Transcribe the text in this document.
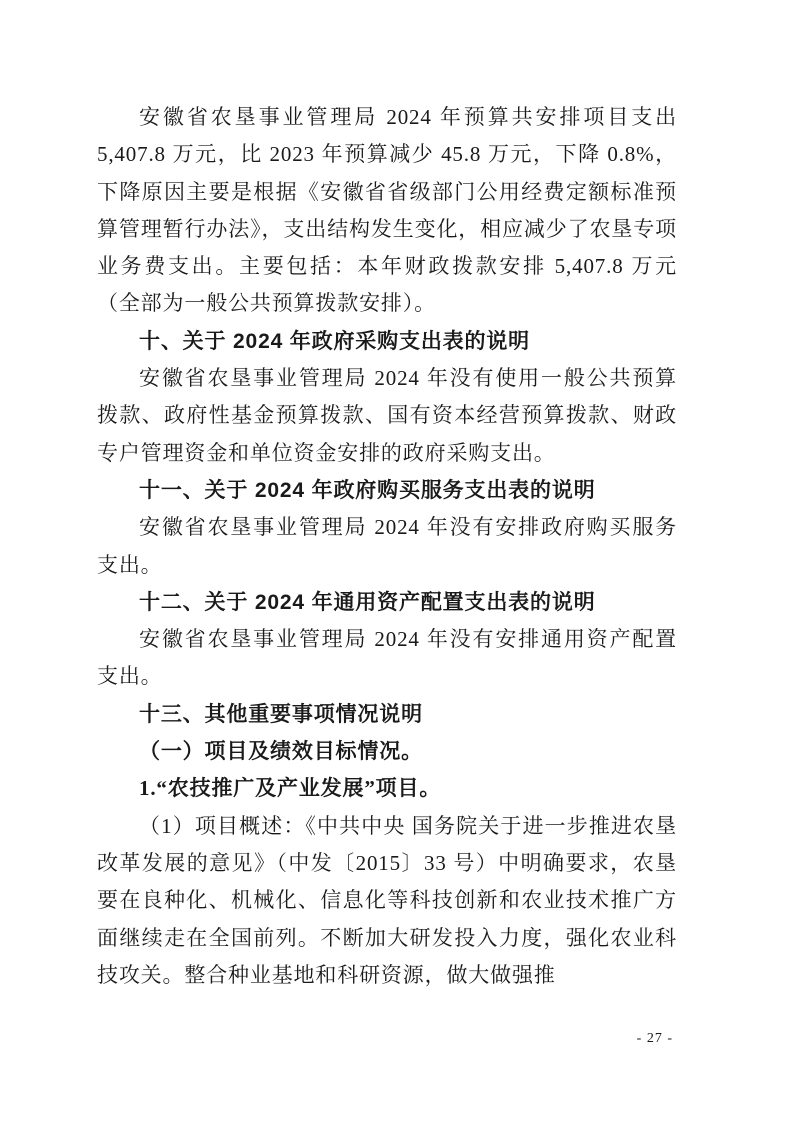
安徽省农垦事业管理局 2024 年预算共安排项目支出 5,407.8 万元，比 2023 年预算减少 45.8 万元，下降 0.8%，下降原因主要是根据《安徽省省级部门公用经费定额标准预算管理暂行办法》，支出结构发生变化，相应减少了农垦专项业务费支出。主要包括：本年财政拨款安排 5,407.8 万元（全部为一般公共预算拨款安排）。

十、关于 2024 年政府采购支出表的说明

安徽省农垦事业管理局 2024 年没有使用一般公共预算拨款、政府性基金预算拨款、国有资本经营预算拨款、财政专户管理资金和单位资金安排的政府采购支出。

十一、关于 2024 年政府购买服务支出表的说明

安徽省农垦事业管理局 2024 年没有安排政府购买服务支出。

十二、关于 2024 年通用资产配置支出表的说明

安徽省农垦事业管理局 2024 年没有安排通用资产配置支出。

十三、其他重要事项情况说明

（一）项目及绩效目标情况。

1.“农技推广及产业发展”项目。

（1）项目概述：《中共中央 国务院关于进一步推进农垦改革发展的意见》（中发〔2015〕33 号）中明确要求，农垦要在良种化、机械化、信息化等科技创新和农业技术推广方面继续走在全国前列。不断加大研发投入力度，强化农业科技攻关。整合种业基地和科研资源，做大做强推

- 27 -
